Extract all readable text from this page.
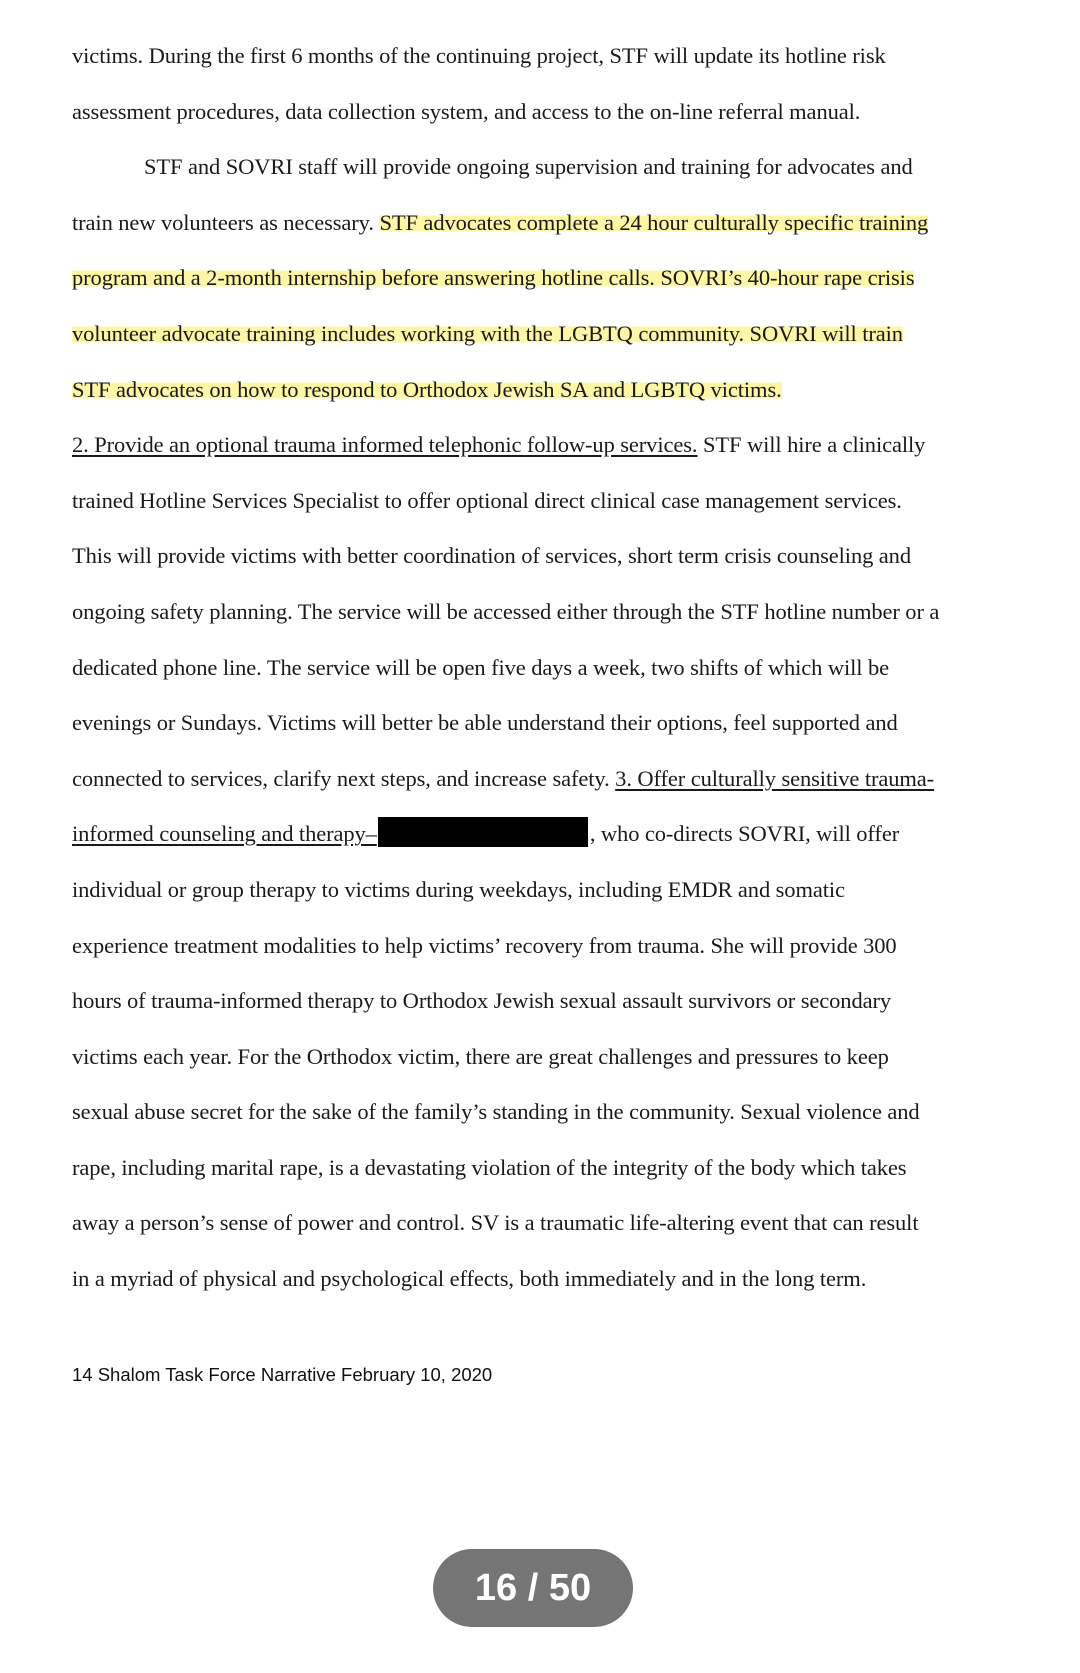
victims. During the first 6 months of the continuing project, STF will update its hotline risk
assessment procedures, data collection system, and access to the on-line referral manual.
STF and SOVRI staff will provide ongoing supervision and training for advocates and
train new volunteers as necessary. STF advocates complete a 24 hour culturally specific training
program and a 2-month internship before answering hotline calls. SOVRI’s 40-hour rape crisis
volunteer advocate training includes working with the LGBTQ community. SOVRI will train
STF advocates on how to respond to Orthodox Jewish SA and LGBTQ victims.
2. Provide an optional trauma informed telephonic follow-up services. STF will hire a clinically
trained Hotline Services Specialist to offer optional direct clinical case management services.
This will provide victims with better coordination of services, short term crisis counseling and
ongoing safety planning. The service will be accessed either through the STF hotline number or a
dedicated phone line. The service will be open five days a week, two shifts of which will be
evenings or Sundays. Victims will better be able understand their options, feel supported and
connected to services, clarify next steps, and increase safety. 3. Offer culturally sensitive trauma-
informed counseling and therapy–	, who co-directs SOVRI, will offer
individual or group therapy to victims during weekdays, including EMDR and somatic
experience treatment modalities to help victims’ recovery from trauma. She will provide 300
hours of trauma-informed therapy to Orthodox Jewish sexual assault survivors or secondary
victims each year. For the Orthodox victim, there are great challenges and pressures to keep
sexual abuse secret for the sake of the family’s standing in the community. Sexual violence and
rape, including marital rape, is a devastating violation of the integrity of the body which takes
away a person’s sense of power and control. SV is a traumatic life-altering event that can result
in a myriad of physical and psychological effects, both immediately and in the long term.
14 Shalom Task Force Narrative February 10, 2020
16 / 50
